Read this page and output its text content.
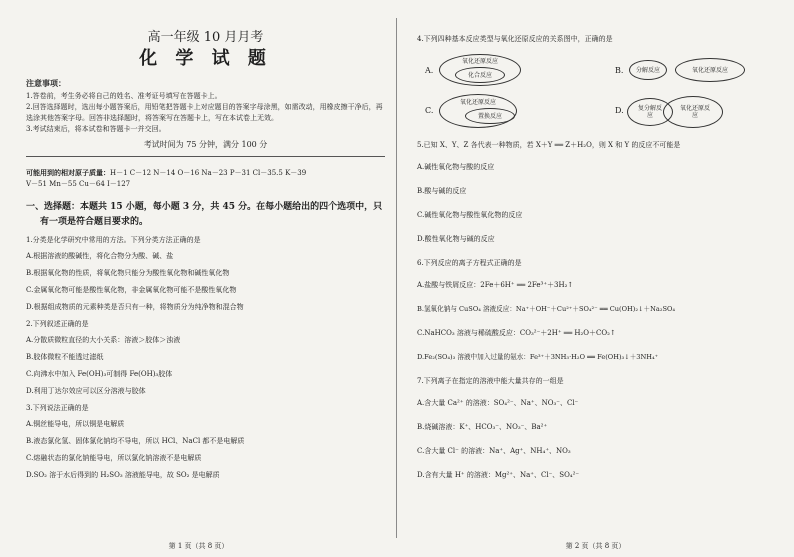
高一年级 10 月月考

化 学 试 题

注意事项：

1.答卷前，考生务必将自己的姓名、准考证号填写在答题卡上。

2.回答选择题时，选出每小题答案后，用铅笔把答题卡上对应题目的答案字母涂黑，如需改动，用橡皮擦干净后，再选涂其他答案字母。回答非选择题时，将答案写在答题卡上，写在本试卷上无效。

3.考试结束后，将本试卷和答题卡一并交回。

考试时间为 75 分钟，满分 100 分

可能用到的相对原子质量：H－1 C－12 N－14 O－16 Na－23 P－31 Cl－35.5 K－39
V－51 Mn－55 Cu－64 I－127

一、选择题：本题共 15 小题，每小题 3 分，共 45 分。在每小题给出的四个选项中，只
有一项是符合题目要求的。

1.分类是化学研究中常用的方法。下列分类方法正确的是

A.根据溶液的酸碱性，将化合物分为酸、碱、盐

B.根据氧化物的性质，将氧化物只能分为酸性氧化物和碱性氧化物

C.金属氧化物可能是酸性氧化物，非金属氧化物可能不是酸性氧化物

D.根据组成物质的元素种类是否只有一种，将物质分为纯净物和混合物

2.下列叙述正确的是

A.分散质微粒直径的大小关系：溶液＞胶体＞浊液

B.胶体微粒不能透过滤纸

C.向沸水中加入 Fe(OH)₃可制得 Fe(OH)₃胶体

D.利用丁达尔效应可以区分溶液与胶体

3.下列说法正确的是

A.铜丝能导电，所以铜是电解质

B.液态氯化氢、固体氯化钠均不导电，所以 HCl、NaCl 都不是电解质

C.熔融状态的氯化钠能导电，所以氯化钠溶液不是电解质

D.SO₂ 溶于水后得到的 H₂SO₃ 溶液能导电，故 SO₂ 是电解质

第 1 页（共 8 页）

4.下列四种基本反应类型与氧化还原反应的关系图中，正确的是

A.
氧化还原反应
化合反应	B. 分解反应	氧化还原反应
C.
氧化还原反应
置换反应
D.	复分解反应
氧化还原反应

5.已知 X、Y、Z 各代表一种物质，若 X＋Y ══ Z＋H₂O，则 X 和 Y 的反应不可能是

A.碱性氧化物与酸的反应

B.酸与碱的反应

C.碱性氧化物与酸性氧化物的反应

D.酸性氧化物与碱的反应

6.下列反应的离子方程式正确的是

A.盐酸与铁屑反应：2Fe＋6H⁺ ══ 2Fe³⁺＋3H₂↑

B.氢氧化钠与 CuSO₄ 溶液反应：Na⁺＋OH⁻＋Cu²⁺＋SO₄²⁻ ══ Cu(OH)₂↓＋Na₂SO₄

C.NaHCO₃ 溶液与稀硫酸反应：CO₃²⁻＋2H⁺ ══ H₂O＋CO₂↑

D.Fe₂(SO₄)₃ 溶液中加入过量的氨水：Fe³⁺＋3NH₃·H₂O ══ Fe(OH)₃↓＋3NH₄⁺

7.下列离子在指定的溶液中能大量共存的一组是

A.含大量 Ca²⁺ 的溶液：SO₄²⁻、Na⁺、NO₃⁻、Cl⁻

B.烧碱溶液：K⁺、HCO₃⁻、NO₃⁻、Ba²⁺

C.含大量 Cl⁻ 的溶液：Na⁺、Ag⁺、NH₄⁺、NO₃

D.含有大量 H⁺ 的溶液：Mg²⁺、Na⁺、Cl⁻、SO₄²⁻

第 2 页（共 8 页）
